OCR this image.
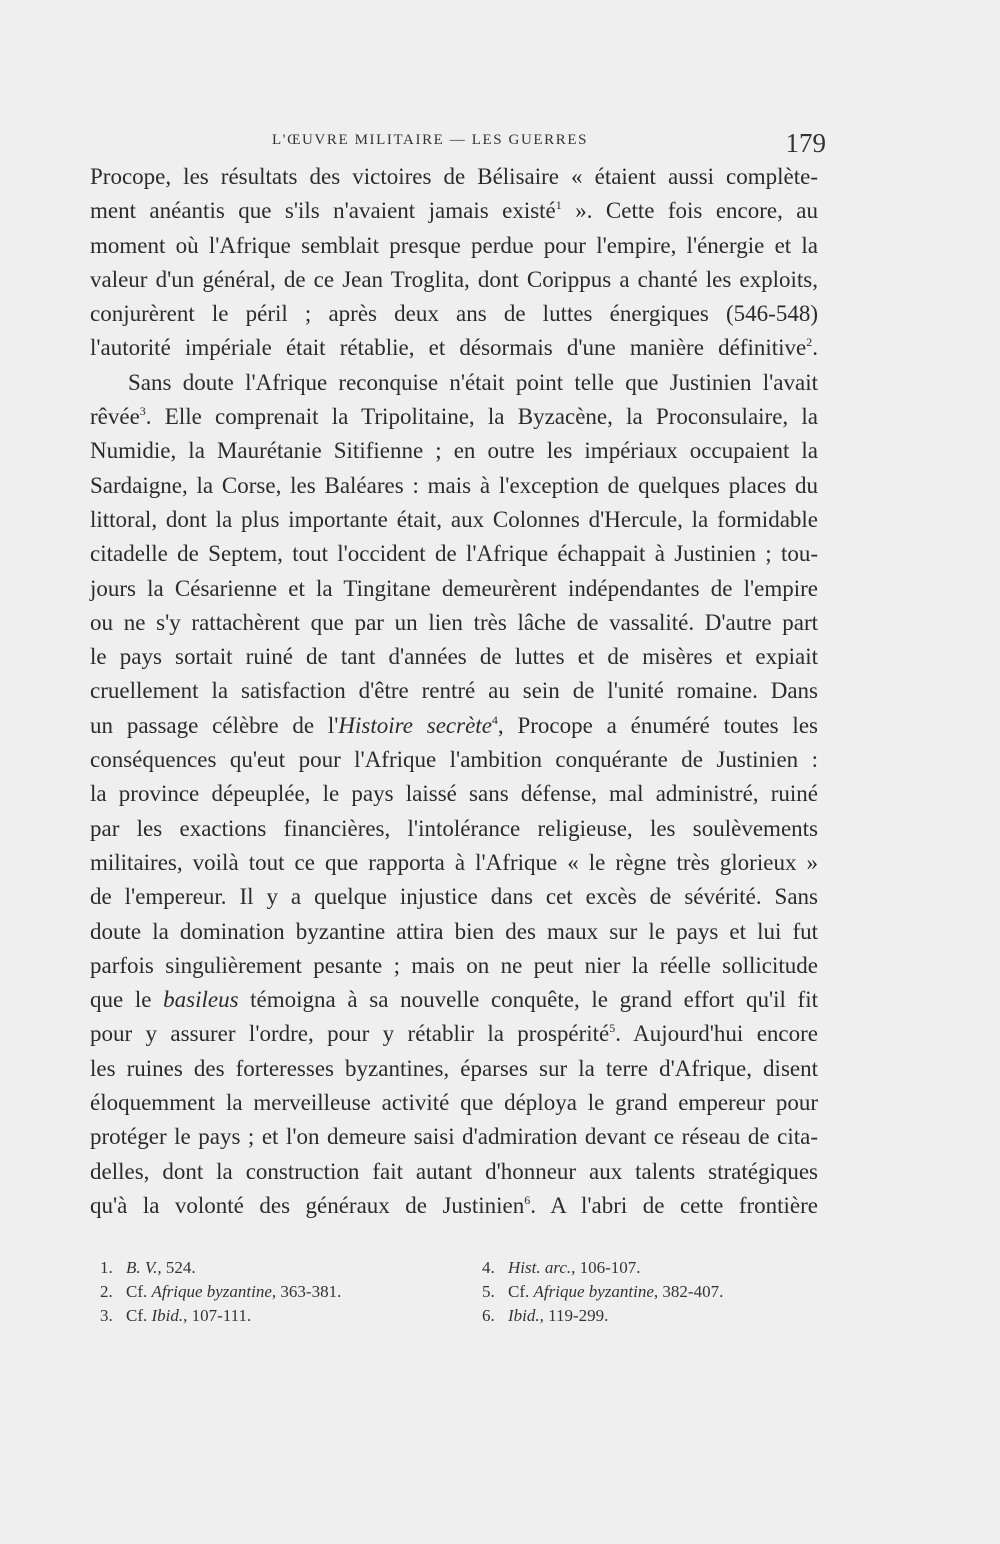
L'ŒUVRE MILITAIRE — LES GUERRES	179
Procope, les résultats des victoires de Bélisaire « étaient aussi complète-
ment anéantis que s'ils n'avaient jamais existé$^1$ ». Cette fois encore, au
moment où l'Afrique semblait presque perdue pour l'empire, l'énergie et la
valeur d'un général, de ce Jean Troglita, dont Corippus a chanté les exploits,
conjurèrent le péril ; après deux ans de luttes énergiques (546-548)
l'autorité impériale était rétablie, et désormais d'une manière définitive$^2$.
Sans doute l'Afrique reconquise n'était point telle que Justinien l'avait
rêvée$^3$. Elle comprenait la Tripolitaine, la Byzacène, la Proconsulaire, la
Numidie, la Maurétanie Sitifienne ; en outre les impériaux occupaient la
Sardaigne, la Corse, les Baléares : mais à l'exception de quelques places du
littoral, dont la plus importante était, aux Colonnes d'Hercule, la formidable
citadelle de Septem, tout l'occident de l'Afrique échappait à Justinien ; tou-
jours la Césarienne et la Tingitane demeurèrent indépendantes de l'empire
ou ne s'y rattachèrent que par un lien très lâche de vassalité. D'autre part
le pays sortait ruiné de tant d'années de luttes et de misères et expiait
cruellement la satisfaction d'être rentré au sein de l'unité romaine. Dans
un passage célèbre de l'Histoire secrète$^4$, Procope a énuméré toutes les
conséquences qu'eut pour l'Afrique l'ambition conquérante de Justinien :
la province dépeuplée, le pays laissé sans défense, mal administré, ruiné
par les exactions financières, l'intolérance religieuse, les soulèvements
militaires, voilà tout ce que rapporta à l'Afrique « le règne très glorieux »
de l'empereur. Il y a quelque injustice dans cet excès de sévérité. Sans
doute la domination byzantine attira bien des maux sur le pays et lui fut
parfois singulièrement pesante ; mais on ne peut nier la réelle sollicitude
que le basileus témoigna à sa nouvelle conquête, le grand effort qu'il fit
pour y assurer l'ordre, pour y rétablir la prospérité$^5$. Aujourd'hui encore
les ruines des forteresses byzantines, éparses sur la terre d'Afrique, disent
éloquemment la merveilleuse activité que déploya le grand empereur pour
protéger le pays ; et l'on demeure saisi d'admiration devant ce réseau de cita-
delles, dont la construction fait autant d'honneur aux talents stratégiques
qu'à la volonté des généraux de Justinien$^6$. A l'abri de cette frontière
1. B. V., 524.
2. Cf. Afrique byzantine, 363-381.
3. Cf. Ibid., 107-111.
4. Hist. arc., 106-107.
5. Cf. Afrique byzantine, 382-407.
6. Ibid., 119-299.
